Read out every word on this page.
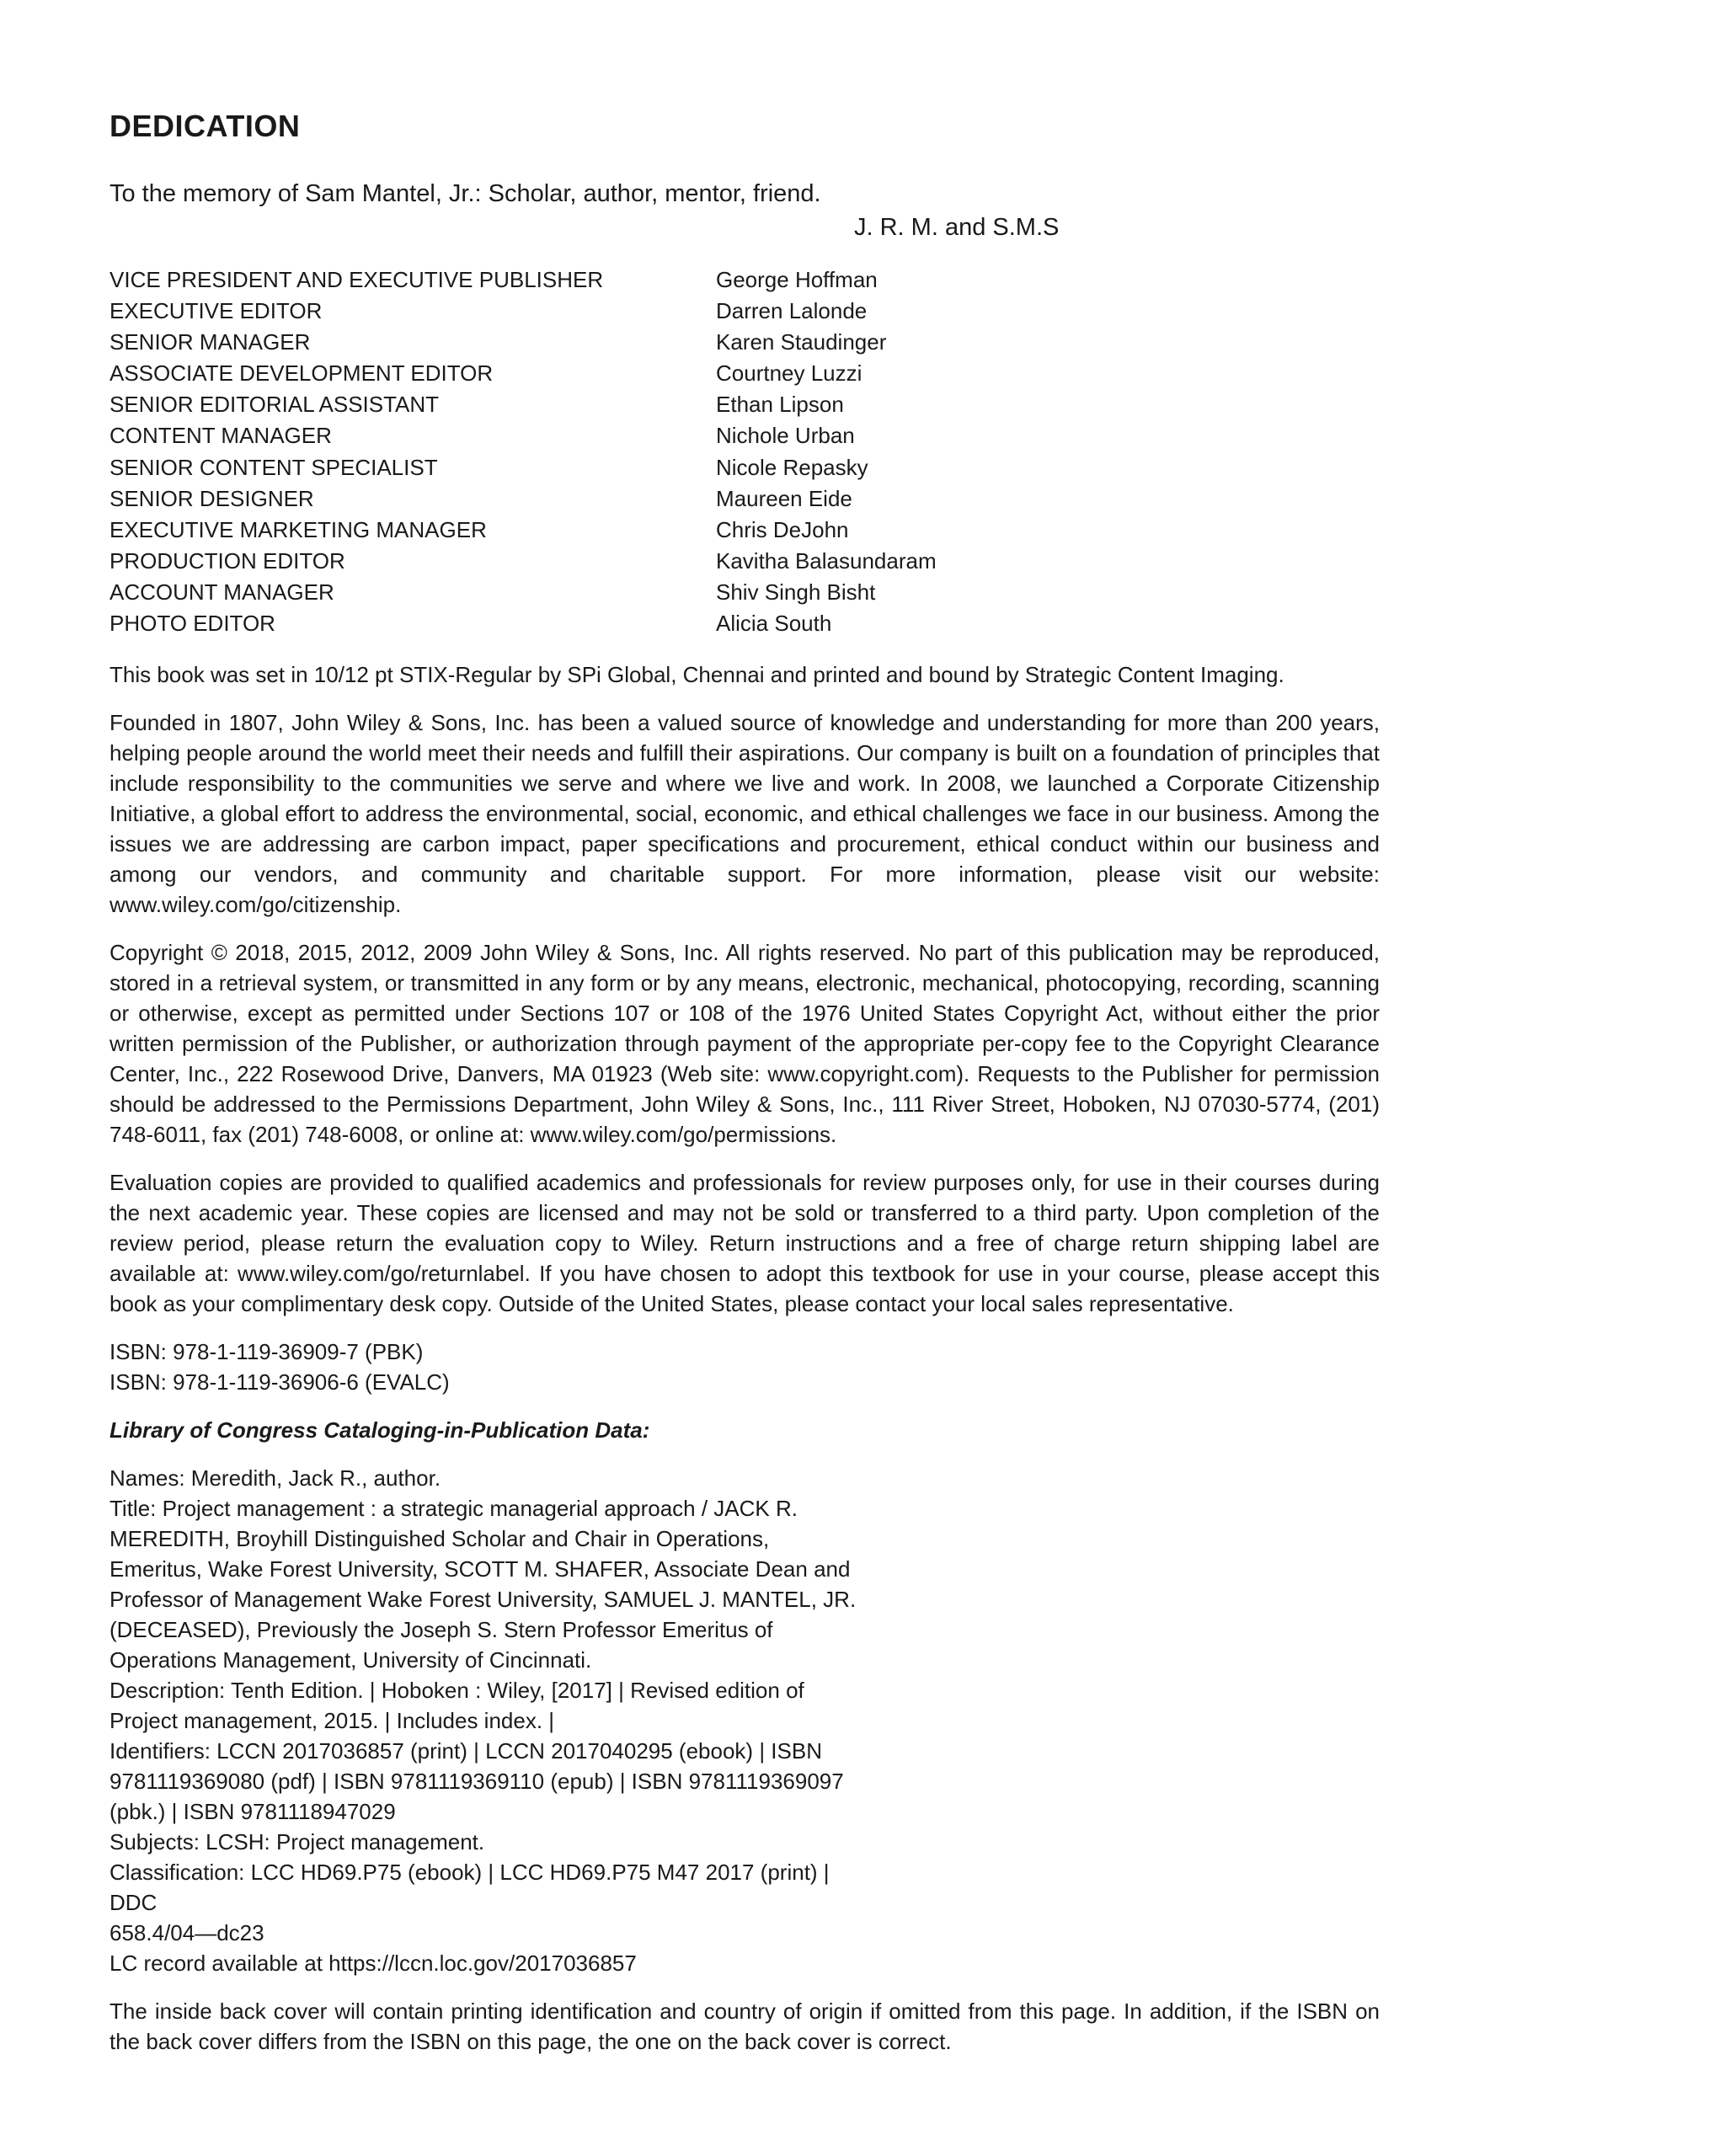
DEDICATION
To the memory of Sam Mantel, Jr.: Scholar, author, mentor, friend.
J. R. M. and S.M.S
VICE PRESIDENT AND EXECUTIVE PUBLISHER	George Hoffman
EXECUTIVE EDITOR	Darren Lalonde
SENIOR MANAGER	Karen Staudinger
ASSOCIATE DEVELOPMENT EDITOR	Courtney Luzzi
SENIOR EDITORIAL ASSISTANT	Ethan Lipson
CONTENT MANAGER	Nichole Urban
SENIOR CONTENT SPECIALIST	Nicole Repasky
SENIOR DESIGNER	Maureen Eide
EXECUTIVE MARKETING MANAGER	Chris DeJohn
PRODUCTION EDITOR	Kavitha Balasundaram
ACCOUNT MANAGER	Shiv Singh Bisht
PHOTO EDITOR	Alicia South

This book was set in 10/12 pt STIX-Regular by SPi Global, Chennai and printed and bound by Strategic Content Imaging.

Founded in 1807, John Wiley & Sons, Inc. has been a valued source of knowledge and understanding for more than 200 years, helping people around the world meet their needs and fulfill their aspirations. Our company is built on a foundation of principles that include responsibility to the communities we serve and where we live and work. In 2008, we launched a Corporate Citizenship Initiative, a global effort to address the environmental, social, economic, and ethical challenges we face in our business. Among the issues we are addressing are carbon impact, paper specifications and procurement, ethical conduct within our business and among our vendors, and community and charitable support. For more information, please visit our website: www.wiley.com/go/citizenship.

Copyright © 2018, 2015, 2012, 2009 John Wiley & Sons, Inc. All rights reserved. No part of this publication may be reproduced, stored in a retrieval system, or transmitted in any form or by any means, electronic, mechanical, photocopying, recording, scanning or otherwise, except as permitted under Sections 107 or 108 of the 1976 United States Copyright Act, without either the prior written permission of the Publisher, or authorization through payment of the appropriate per-copy fee to the Copyright Clearance Center, Inc., 222 Rosewood Drive, Danvers, MA 01923 (Web site: www.copyright.com). Requests to the Publisher for permission should be addressed to the Permissions Department, John Wiley & Sons, Inc., 111 River Street, Hoboken, NJ 07030-5774, (201) 748-6011, fax (201) 748-6008, or online at: www.wiley.com/go/permissions.

Evaluation copies are provided to qualified academics and professionals for review purposes only, for use in their courses during the next academic year. These copies are licensed and may not be sold or transferred to a third party. Upon completion of the review period, please return the evaluation copy to Wiley. Return instructions and a free of charge return shipping label are available at: www.wiley.com/go/returnlabel. If you have chosen to adopt this textbook for use in your course, please accept this book as your complimentary desk copy. Outside of the United States, please contact your local sales representative.

ISBN: 978-1-119-36909-7 (PBK)
ISBN: 978-1-119-36906-6 (EVALC)
Library of Congress Cataloging-in-Publication Data:
Names: Meredith, Jack R., author.
Title: Project management : a strategic managerial approach / JACK R.
MEREDITH, Broyhill Distinguished Scholar and Chair in Operations,
Emeritus, Wake Forest University, SCOTT M. SHAFER, Associate Dean and
Professor of Management Wake Forest University, SAMUEL J. MANTEL, JR.
(DECEASED), Previously the Joseph S. Stern Professor Emeritus of
Operations Management, University of Cincinnati.
Description: Tenth Edition. | Hoboken : Wiley, [2017] | Revised edition of
Project management, 2015. | Includes index. |
Identifiers: LCCN 2017036857 (print) | LCCN 2017040295 (ebook) | ISBN
9781119369080 (pdf) | ISBN 9781119369110 (epub) | ISBN 9781119369097
(pbk.) | ISBN 9781118947029
Subjects: LCSH: Project management.
Classification: LCC HD69.P75 (ebook) | LCC HD69.P75 M47 2017 (print) | DDC
658.4/04—dc23
LC record available at https://lccn.loc.gov/2017036857

The inside back cover will contain printing identification and country of origin if omitted from this page. In addition, if the ISBN on the back cover differs from the ISBN on this page, the one on the back cover is correct.
